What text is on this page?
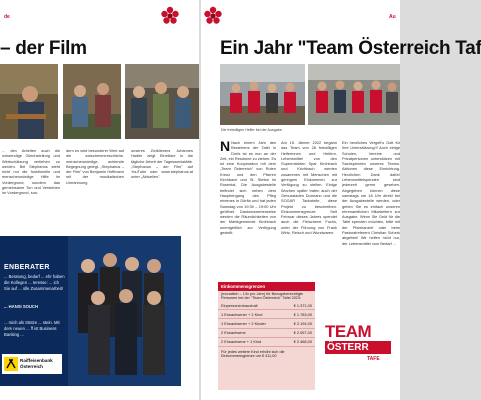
de
– der Film
... den Arbeiten auch die notwendige Gleichstellung und Wertschätzung verliehen zu werden. Bei Stephanus steht nicht nur die funktionelle und menschenwürdige Hilfe im Vordergrund, sondern das gemeinsame Tun und Verstehen im Vordergrund, son-
dern es wird besonderer Wert auf die zwischenmenschliche, menschenwürdige, achtende Begegnung gelegt. „Stephanus – der Film" von Benjamin Hoffmann mit der musikalischen Umrahmung
unseres Zivildieners Johannes Hadler zeigt Einblicke in die tägliche Arbeit der Tageswerkstätte. „Stephanus – der Film" auf YouTube oder www.stephanus.at unter „Aktuelles".
ENBERATER
... Beratung, bedarf ... ehr haben die Kollegen ... teresse: ... ich Sie auf ... olle Zusammenarbeit!
... HANSI SOUCH
... mich als Stütze ... stein. Mit dem neuen ... ff ist Business Banking ...
Raiffeisenbank Österreich
Au
Ein Jahr "Team Österreich Taf
Die freiwilligen Helfer bei der Ausgabe.
N Nach einem Jahr des Bestehens der Tafel in Dorfs ist es nun an der Zeit, ein Resümee zu ziehen. Es ist eine Kooperation mit dem „Team Österreich" von Roten Kreuz und den Pfarren Kirchbach und St. Stefan im Rosental. Die Ausgabestelle befindet sich neben dem Haupteingang des Pfleg​eheimes in Dörfla und hat jeden Samstag von 19:30 – 19:00 Uhr geöffnet. Dankenswerterweise werden die Räumlichkeiten von der Marktgemeinde Kirchbach unentgeltlich zur Verfügung gestellt.
Am 15. Jänner 2022 begann das Team von 28 freiwilligen Helferinnen und Helfern. Lebensmittel von den Supermärkten Spar Kirchbach und Kirchbach werden zusammen mit Menschen mit geringem Einkommen zur Verfügung zu stellen. Einige Wochen später trafen auch der Genussladen Dormann und die SOGAR Tankstelle, diese Projekt zu beschreiben. Einkommensgrenze: Seit Februar dieses Jahres spendet auch die Fleischerei Fuchs, unter der Führung von Frank Wirtz, Reisch und Wurstwaren.
Ein herzliches Vergelt's Gott für Ihre Unterstützung!!! Auch einige Schulen, Vereine und Privatpersonen unterstützen mit Sachspenden unseres Teams. Aktionen diese Einrichtung. Herzlichen Dank dafür! Lebensmittelspenden sind jederzeit gerne gesehen. Abgegeben können diese samstags um 18 Uhr direkt bei der Ausgabestelle werden, oder geben Sie es einfach unseren ehrenamtlichen Mitarbeitern zur Ausgabe. Wenn Sie Geld für die Tafel spenden möchten, bitte mit der Pfarrkanzlei oder beim Pastoralreferent Christian Scherk abgeben! Wir helfen nicht nur, der Lebensmittel vom Bedarf ...
Einkommensgrenzen
(monatlich – 13x pro Jahr) für Bezugsberechtigte Personen bei der "Team Österreich" Tafel 2023:
Einpersonenhaushalt	€ 1.371,00
1 Erwachsener + 1 Kind	€ 1.783,00
1 Erwachsener + 2 Kinder	€ 2.194,00
2 Erwachsene	€ 2.057,00
2 Erwachsene + 1 Kind	€ 2.468,00
Für jedes weitere Kind erhöht sich die Einkommensgrenze um € 411,00
TEAM
ÖSTERR
TAFE
